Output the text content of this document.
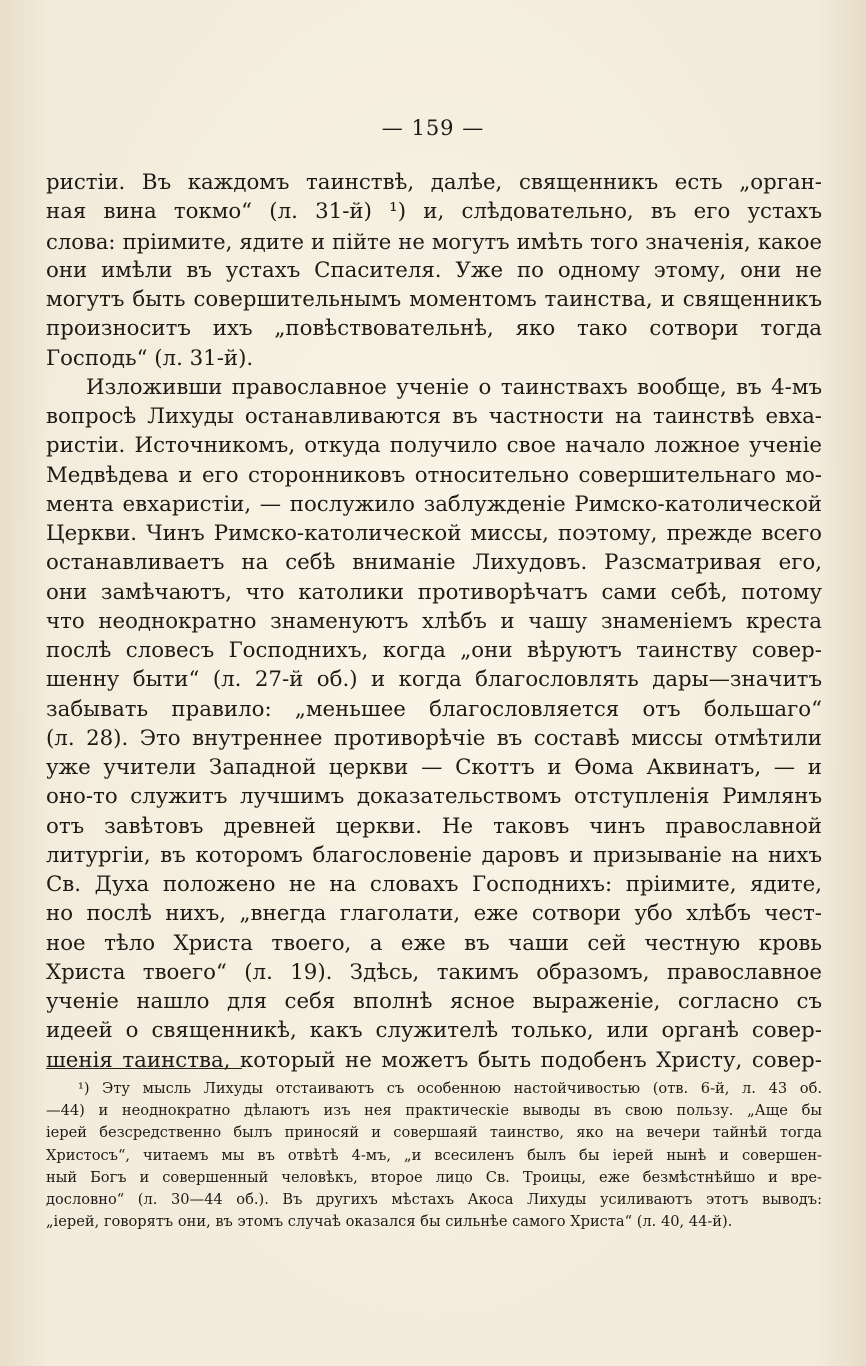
— 159 —
ристіи. Въ каждомъ таинствѣ, далѣе, священникъ есть „орган-
ная вина токмо“ (л. 31-й) ¹) и, слѣдовательно, въ его устахъ
слова: пріимите, ядите и пійте не могутъ имѣть того значенія, какое
они имѣли въ устахъ Спасителя. Уже по одному этому, они не
могутъ быть совершительнымъ моментомъ таинства, и священникъ
произноситъ ихъ „повѣствовательнѣ, яко тако сотвори тогда
Господь“ (л. 31-й).
Изложивши православное ученіе о таинствахъ вообще, въ 4-мъ
вопросѣ Лихуды останавливаются въ частности на таинствѣ евха-
ристіи. Источникомъ, откуда получило свое начало ложное ученіе
Медвѣдева и его сторонниковъ относительно совершительнаго мо-
мента евхаристіи, — послужило заблужденіе Римско-католической
Церкви. Чинъ Римско-католической миссы, поэтому, прежде всего
останавливаетъ на себѣ вниманіе Лихудовъ. Разсматривая его,
они замѣчаютъ, что католики противорѣчатъ сами себѣ, потому
что неоднократно знаменуютъ хлѣбъ и чашу знаменіемъ креста
послѣ словесъ Господнихъ, когда „они вѣруютъ таинству совер-
шенну быти“ (л. 27-й об.) и когда благословлять дары—значитъ
забывать правило: „меньшее благословляется отъ большаго“
(л. 28). Это внутреннее противорѣчіе въ составѣ миссы отмѣтили
уже учители Западной церкви — Скоттъ и Ѳома Аквинатъ, — и
оно-то служитъ лучшимъ доказательствомъ отступленія Римлянъ
отъ завѣтовъ древней церкви. Не таковъ чинъ православной
литургіи, въ которомъ благословеніе даровъ и призываніе на нихъ
Св. Духа положено не на словахъ Господнихъ: пріимите, ядите,
но послѣ нихъ, „внегда глаголати, еже сотвори убо хлѣбъ чест-
ное тѣло Христа твоего, а еже въ чаши сей честную кровь
Христа твоего“ (л. 19). Здѣсь, такимъ образомъ, православное
ученіе нашло для себя вполнѣ ясное выраженіе, согласно съ
идеей о священникѣ, какъ служителѣ только, или органѣ совер-
шенія таинства, который не можетъ быть подобенъ Христу, совер-
¹) Эту мысль Лихуды отстаиваютъ съ особенною настойчивостью (отв. 6-й, л. 43 об.
—44) и неоднократно дѣлаютъ изъ нея практическіе выводы въ свою пользу. „Аще бы
іерей безсредственно былъ приносяй и совершаяй таинство, яко на вечери тайнѣй тогда
Христосъ“, читаемъ мы въ отвѣтѣ 4-мъ, „и всесиленъ былъ бы іерей нынѣ и совершен-
ный Богъ и совершенный человѣкъ, второе лицо Св. Троицы, еже безмѣстнѣйшо и вре-
дословно“ (л. 30—44 об.). Въ другихъ мѣстахъ Акоса Лихуды усиливаютъ этотъ выводъ:
„іерей, говорятъ они, въ этомъ случаѣ оказался бы сильнѣе самого Христа“ (л. 40, 44-й).
